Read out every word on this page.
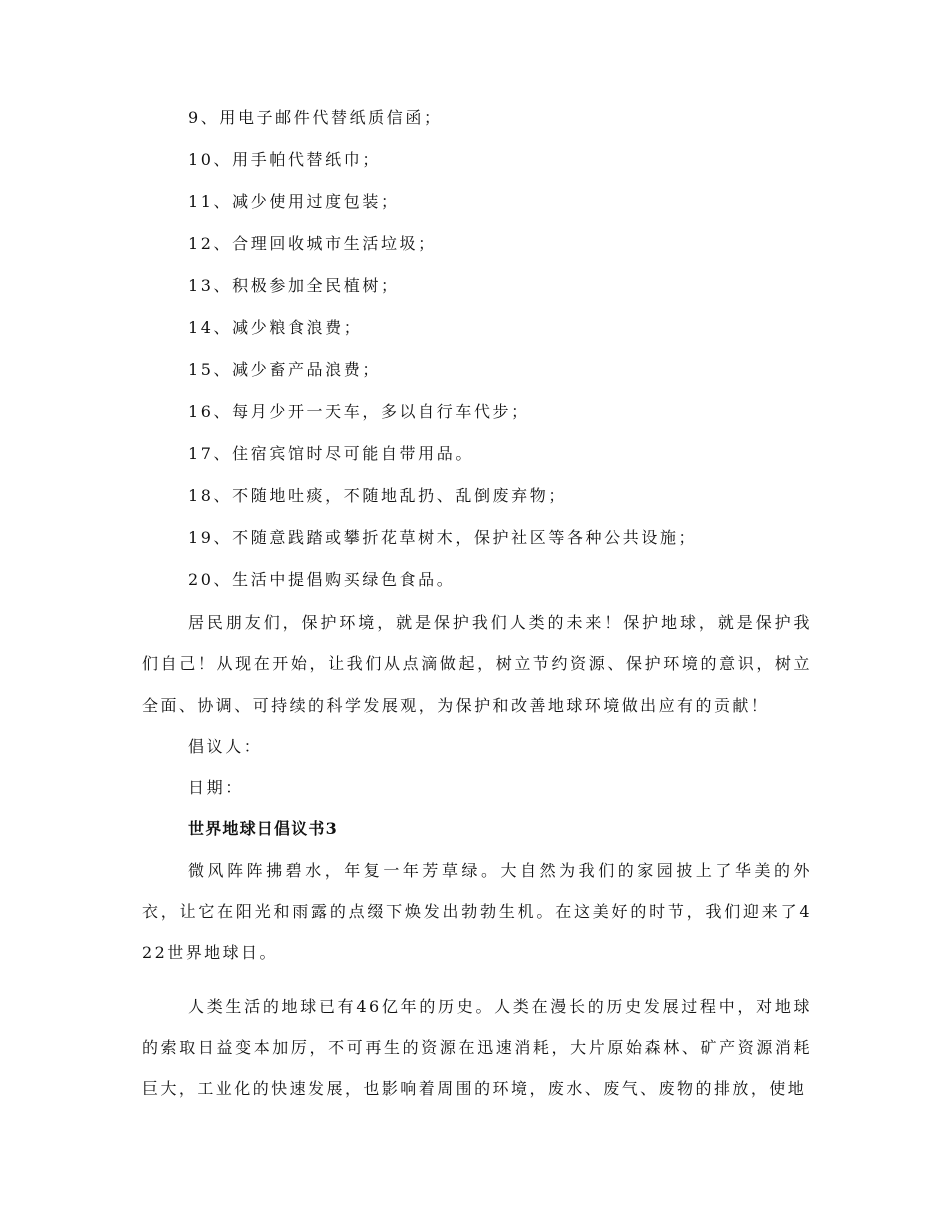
9、用电子邮件代替纸质信函；
10、用手帕代替纸巾；
11、减少使用过度包装；
12、合理回收城市生活垃圾；
13、积极参加全民植树；
14、减少粮食浪费；
15、减少畜产品浪费；
16、每月少开一天车，多以自行车代步；
17、住宿宾馆时尽可能自带用品。
18、不随地吐痰，不随地乱扔、乱倒废弃物；
19、不随意践踏或攀折花草树木，保护社区等各种公共设施；
20、生活中提倡购买绿色食品。

居民朋友们，保护环境，就是保护我们人类的未来！保护地球，就是保护我们自己！从现在开始，让我们从点滴做起，树立节约资源、保护环境的意识，树立全面、协调、可持续的科学发展观，为保护和改善地球环境做出应有的贡献！

倡议人：

日期：

世界地球日倡议书3

微风阵阵拂碧水，年复一年芳草绿。大自然为我们的家园披上了华美的外衣，让它在阳光和雨露的点缀下焕发出勃勃生机。在这美好的时节，我们迎来了422世界地球日。

人类生活的地球已有46亿年的历史。人类在漫长的历史发展过程中，对地球的索取日益变本加厉，不可再生的资源在迅速消耗，大片原始森林、矿产资源消耗巨大，工业化的快速发展，也影响着周围的环境，废水、废气、废物的排放，使地
